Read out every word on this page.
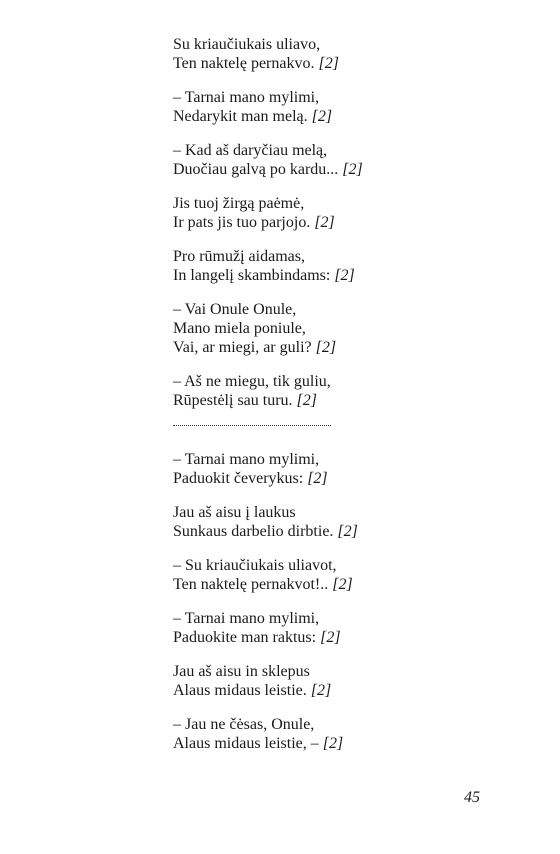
Su kriaučiukais uliavo,
Ten naktelę pernakvo. [2]
– Tarnai mano mylimi,
Nedarykit man melą. [2]
– Kad aš daryčiau melą,
Duočiau galvą po kardu... [2]
Jis tuoj žirgą paėmė,
Ir pats jis tuo parjojo. [2]
Pro rūmužį aidamas,
In langelį skambindams: [2]
– Vai Onule Onule,
Mano miela poniule,
Vai, ar miegi, ar guli? [2]
– Aš ne miegu, tik guliu,
Rūpestėlį sau turu. [2]
– Tarnai mano mylimi,
Paduokit čeverykus: [2]
Jau aš aisu į laukus
Sunkaus darbelio dirbtie. [2]
– Su kriaučiukais uliavot,
Ten naktelę pernakvot!.. [2]
– Tarnai mano mylimi,
Paduokite man raktus: [2]
Jau aš aisu in sklepus
Alaus midaus leistie. [2]
– Jau ne čėsas, Onule,
Alaus midaus leistie, – [2]
45
